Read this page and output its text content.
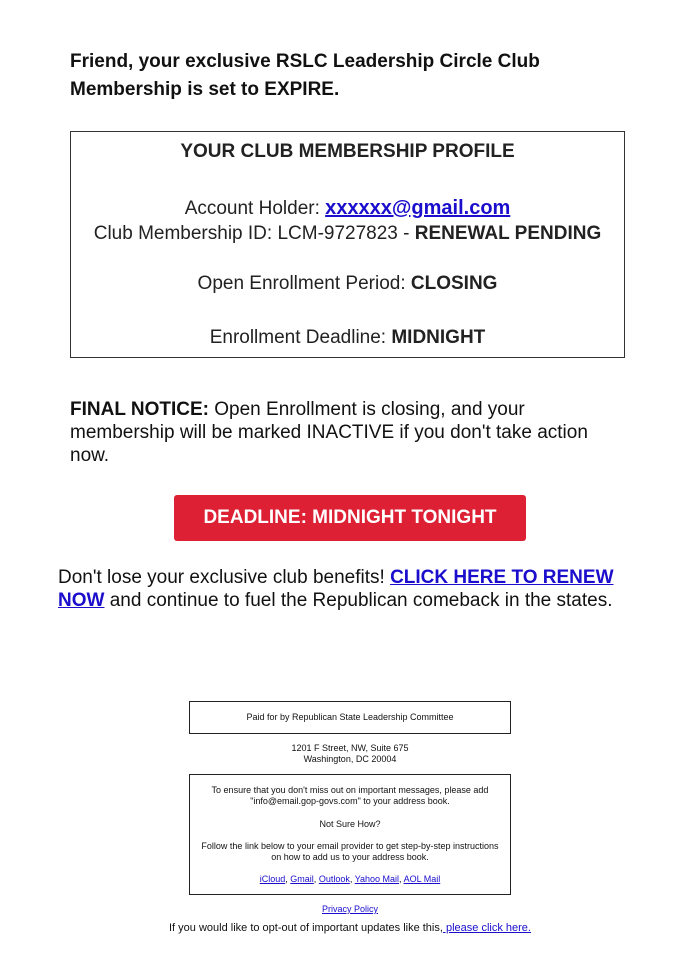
Friend, your exclusive RSLC Leadership Circle Club Membership is set to EXPIRE.
YOUR CLUB MEMBERSHIP PROFILE
Account Holder: xxxxxx@gmail.com
Club Membership ID: LCM-9727823 - RENEWAL PENDING
Open Enrollment Period: CLOSING
Enrollment Deadline: MIDNIGHT
FINAL NOTICE: Open Enrollment is closing, and your membership will be marked INACTIVE if you don't take action now.
DEADLINE: MIDNIGHT TONIGHT
Don't lose your exclusive club benefits! CLICK HERE TO RENEW NOW and continue to fuel the Republican comeback in the states.
Paid for by Republican State Leadership Committee
1201 F Street, NW, Suite 675
Washington, DC 20004
To ensure that you don't miss out on important messages, please add "info@email.gop-govs.com" to your address book.
Not Sure How?
Follow the link below to your email provider to get step-by-step instructions on how to add us to your address book.
iCloud, Gmail, Outlook, Yahoo Mail, AOL Mail
Privacy Policy
If you would like to opt-out of important updates like this, please click here.
